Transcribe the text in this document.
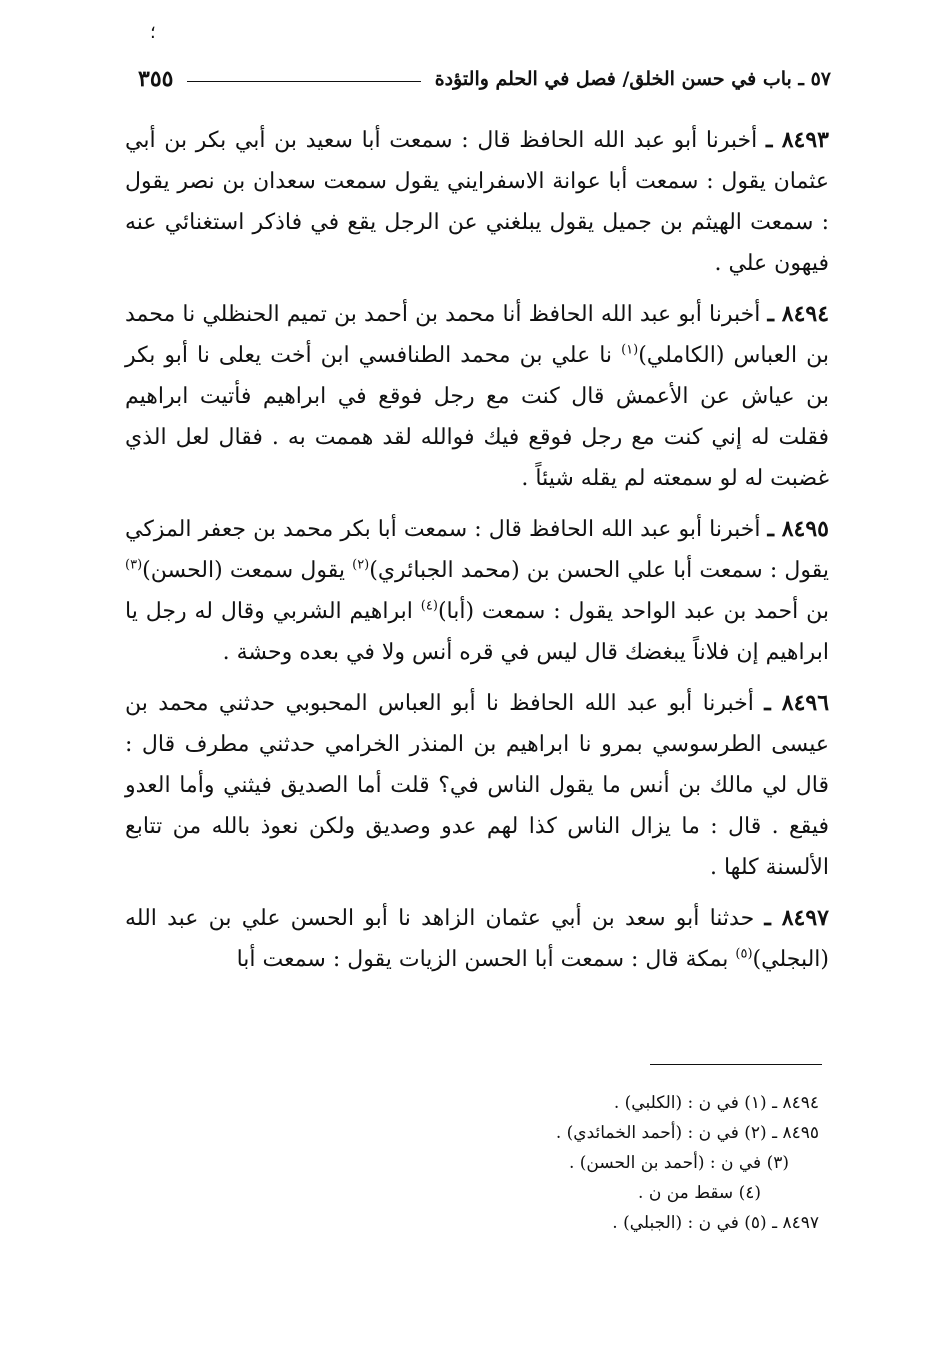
؛
٥٧ ـ باب في حسن الخلق/ فصل في الحلم والتؤدة
٣٥٥

٨٤٩٣ ـ أخبرنا أبو عبد الله الحافظ قال : سمعت أبا سعيد بن أبي بكر بن أبي عثمان يقول : سمعت أبا عوانة الاسفرايني يقول سمعت سعدان بن نصر يقول : سمعت الهيثم بن جميل يقول يبلغني عن الرجل يقع في فاذكر استغنائي عنه فيهون علي .

٨٤٩٤ ـ أخبرنا أبو عبد الله الحافظ أنا محمد بن أحمد بن تميم الحنظلي نا محمد بن العباس (الكاملي)$^{(١)}$ نا علي بن محمد الطنافسي ابن أخت يعلى نا أبو بكر بن عياش عن الأعمش قال كنت مع رجل فوقع في ابراهيم فأتيت ابراهيم فقلت له إني كنت مع رجل فوقع فيك فوالله لقد هممت به . فقال لعل الذي غضبت له لو سمعته لم يقله شيئاً .

٨٤٩٥ ـ أخبرنا أبو عبد الله الحافظ قال : سمعت أبا بكر محمد بن جعفر المزكي يقول : سمعت أبا علي الحسن بن (محمد الجبائري)$^{(٢)}$ يقول سمعت (الحسن)$^{(٣)}$ بن أحمد بن عبد الواحد يقول : سمعت (أبا)$^{(٤)}$ ابراهيم الشربي وقال له رجل يا ابراهيم إن فلاناً يبغضك قال ليس في قره أنس ولا في بعده وحشة .

٨٤٩٦ ـ أخبرنا أبو عبد الله الحافظ نا أبو العباس المحبوبي حدثني محمد بن عيسى الطرسوسي بمرو نا ابراهيم بن المنذر الخرامي حدثني مطرف قال : قال لي مالك بن أنس ما يقول الناس في؟ قلت أما الصديق فيثني وأما العدو فيقع . قال : ما يزال الناس كذا لهم عدو وصديق ولكن نعوذ بالله من تتابع الألسنة كلها .

٨٤٩٧ ـ حدثنا أبو سعد بن أبي عثمان الزاهد نا أبو الحسن علي بن عبد الله (البجلي)$^{(٥)}$ بمكة قال : سمعت أبا الحسن الزيات يقول : سمعت أبا

٨٤٩٤ ـ (١) في ن : (الكلبي) .
٨٤٩٥ ـ (٢) في ن : (أحمد الخمائدي) .
(٣) في ن : (أحمد بن الحسن) .
(٤) سقط من ن .
٨٤٩٧ ـ (٥) في ن : (الجبلي) .
